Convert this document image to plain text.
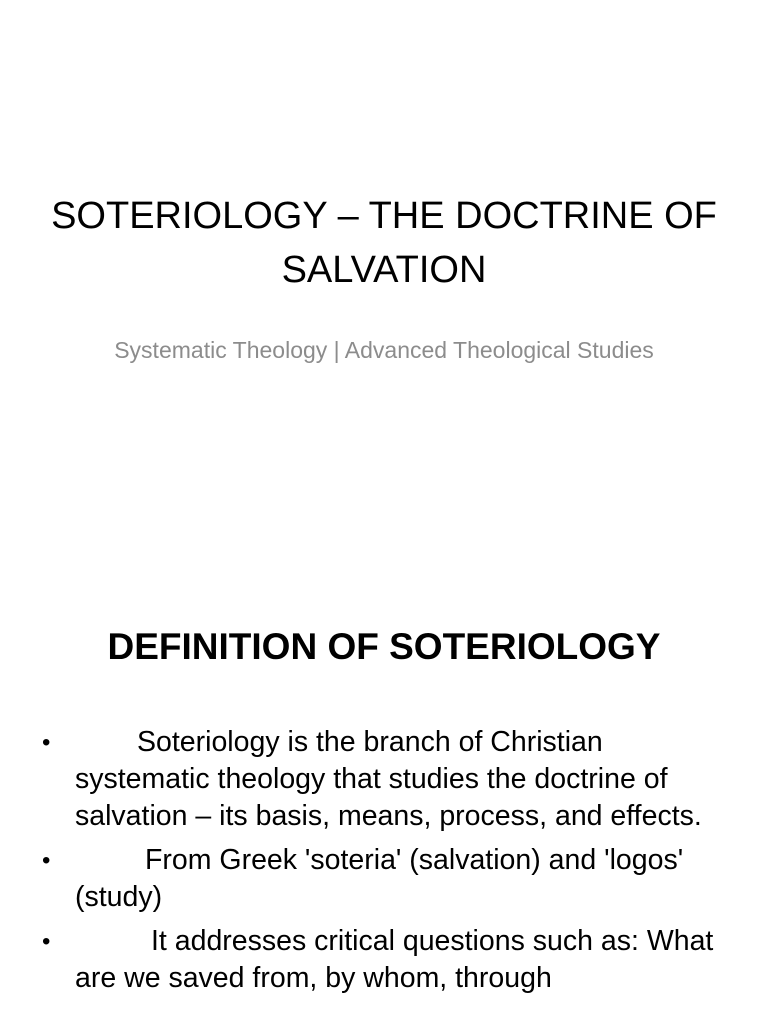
SOTERIOLOGY – THE DOCTRINE OF SALVATION

Systematic Theology | Advanced Theological Studies

DEFINITION OF SOTERIOLOGY
•	Soteriology is the branch of Christian systematic theology that studies the doctrine of salvation – its basis, means, process, and effects.
•	From Greek 'soteria' (salvation) and 'logos' (study)
•	It addresses critical questions such as: What are we saved from, by whom, through
